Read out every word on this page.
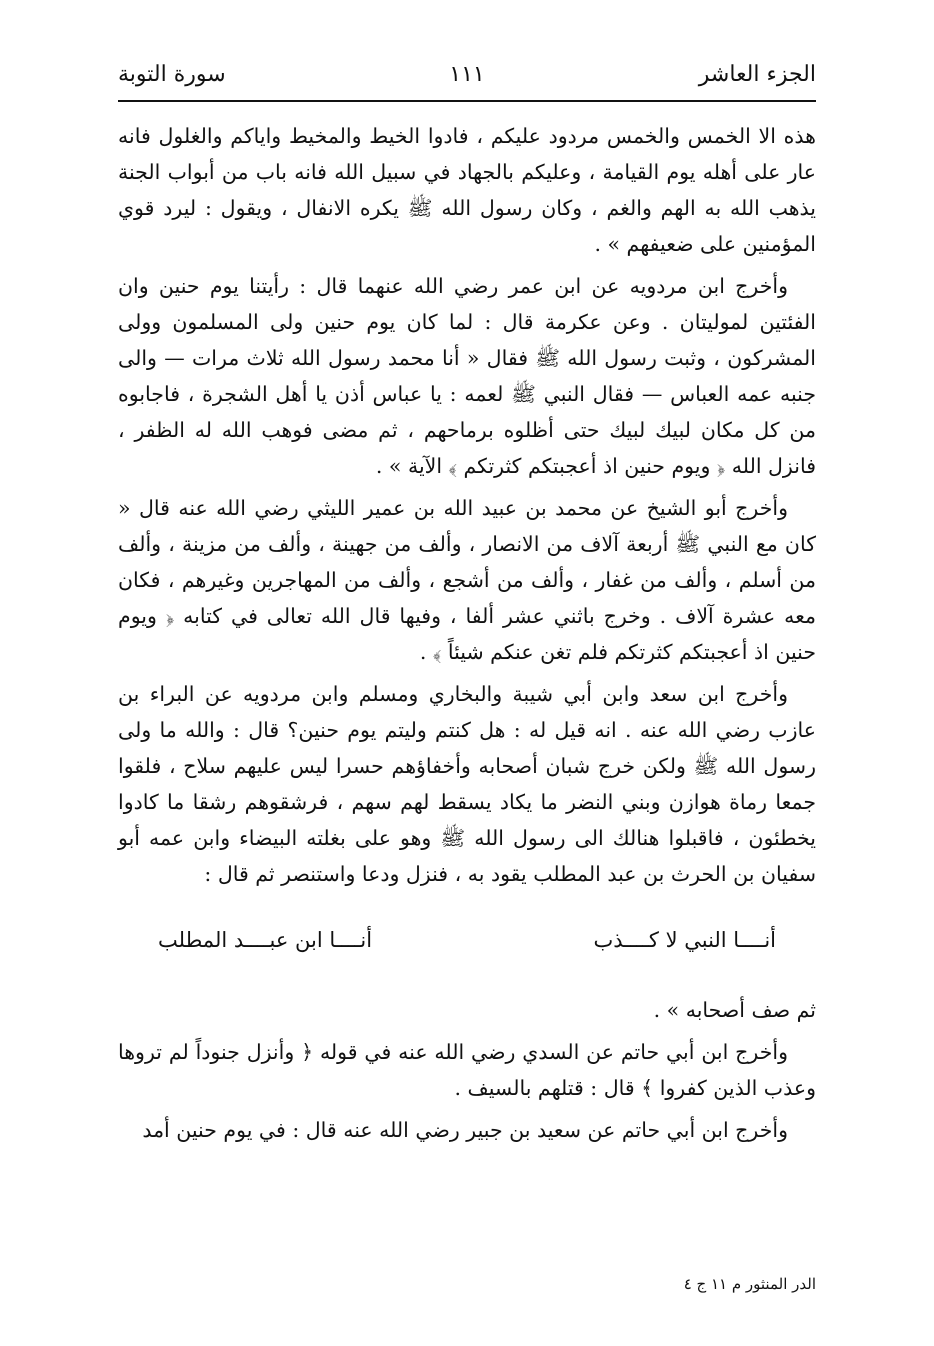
الجزء العاشر
١١١
سورة التوبة

هذه الا الخمس والخمس مردود عليكم ، فادوا الخيط والمخيط واياكم والغلول فانه عار على أهله يوم القيامة ، وعليكم بالجهاد في سبيل الله فانه باب من أبواب الجنة يذهب الله به الهم والغم ، وكان رسول الله ﷺ يكره الانفال ، ويقول : ليرد قوي المؤمنين على ضعيفهم » .

وأخرج ابن مردويه عن ابن عمر رضي الله عنهما قال : رأيتنا يوم حنين وان الفئتين لموليتان . وعن عكرمة قال : لما كان يوم حنين ولى المسلمون وولى المشركون ، وثبت رسول الله ﷺ فقال « أنا محمد رسول الله ثلاث مرات — والى جنبه عمه العباس — فقال النبي ﷺ لعمه : يا عباس أذن يا أهل الشجرة ، فاجابوه من كل مكان لبيك لبيك حتى أظلوه برماحهم ، ثم مضى فوهب الله له الظفر ، فانزل الله ﴿ ويوم حنين اذ أعجبتكم كثرتكم ﴾ الآية » .

وأخرج أبو الشيخ عن محمد بن عبيد الله بن عمير الليثي رضي الله عنه قال « كان مع النبي ﷺ أربعة آلاف من الانصار ، وألف من جهينة ، وألف من مزينة ، وألف من أسلم ، وألف من غفار ، وألف من أشجع ، وألف من المهاجرين وغيرهم ، فكان معه عشرة آلاف . وخرج باثني عشر ألفا ، وفيها قال الله تعالى في كتابه ﴿ ويوم حنين اذ أعجبتكم كثرتكم فلم تغن عنكم شيئاً ﴾ .

وأخرج ابن سعد وابن أبي شيبة والبخاري ومسلم وابن مردويه عن البراء بن عازب رضي الله عنه . انه قيل له : هل كنتم وليتم يوم حنين؟ قال : والله ما ولى رسول الله ﷺ ولكن خرج شبان أصحابه وأخفاؤهم حسرا ليس عليهم سلاح ، فلقوا جمعا رماة هوازن وبني النضر ما يكاد يسقط لهم سهم ، فرشقوهم رشقا ما كادوا يخطئون ، فاقبلوا هنالك الى رسول الله ﷺ وهو على بغلته البيضاء وابن عمه أبو سفيان بن الحرث بن عبد المطلب يقود به ، فنزل ودعا واستنصر ثم قال :

أنــــا النبي لا كــــذب
أنــــا ابن عبــــد المطلب

ثم صف أصحابه » .

وأخرج ابن أبي حاتم عن السدي رضي الله عنه في قوله ﴿ وأنزل جنوداً لم تروها وعذب الذين كفروا ﴾ قال : قتلهم بالسيف .

وأخرج ابن أبي حاتم عن سعيد بن جبير رضي الله عنه قال : في يوم حنين أمد

الدر المنثور م ١١ ج ٤
